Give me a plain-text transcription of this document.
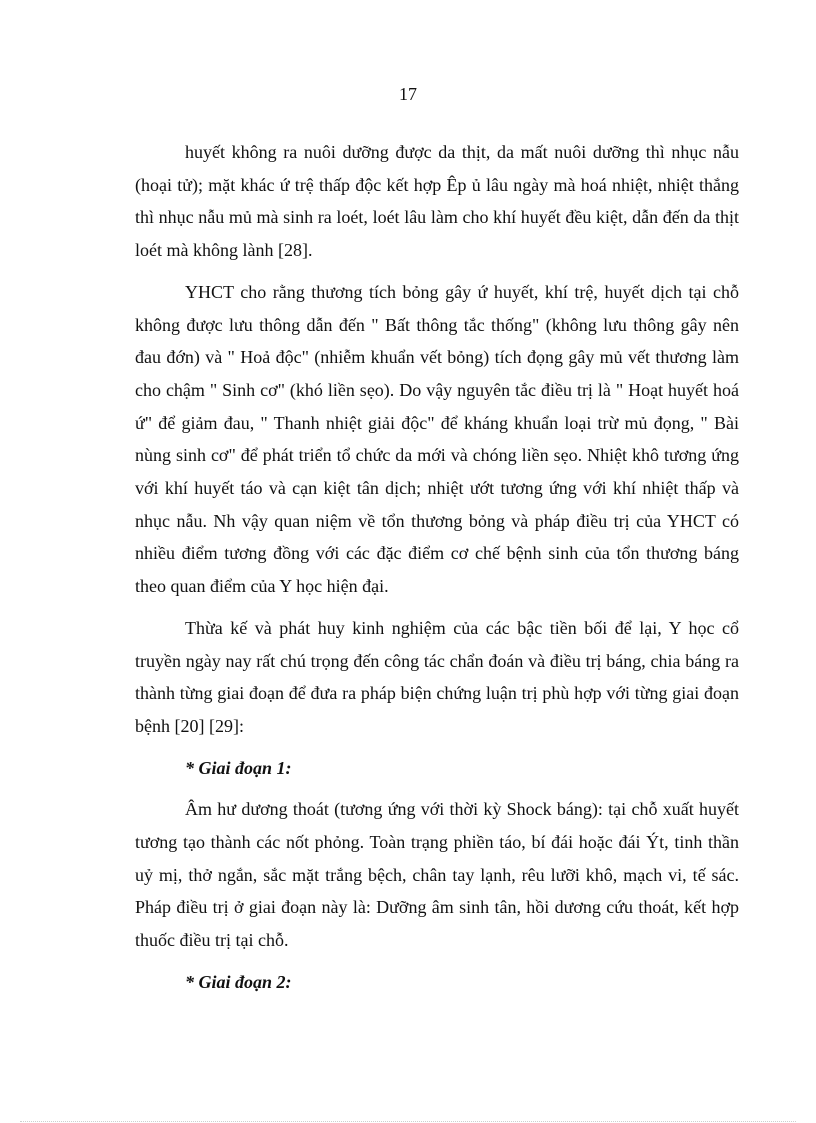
17

huyết không ra nuôi dưỡng được da thịt, da mất nuôi dưỡng thì nhục nẫu (hoại tử); mặt khác ứ trệ thấp độc kết hợp Êp ủ lâu ngày mà hoá nhiệt, nhiệt thắng thì nhục nẫu mủ mà sinh ra loét, loét lâu làm cho khí huyết đều kiệt, dẫn đến da thịt loét mà không lành [28].

YHCT cho rằng thương tích bỏng gây ứ huyết, khí trệ, huyết dịch tại chỗ không được lưu thông dẫn đến " Bất thông tắc thống" (không lưu thông gây nên đau đớn) và " Hoả độc" (nhiễm khuẩn vết bỏng) tích đọng gây mủ vết thương làm cho chậm " Sinh cơ" (khó liền sẹo). Do vậy nguyên tắc điều trị là " Hoạt huyết hoá ứ" để giảm đau, " Thanh nhiệt giải độc" để kháng khuẩn loại trừ mủ đọng, " Bài nùng sinh cơ" để phát triển tổ chức da mới và chóng liền sẹo. Nhiệt khô tương ứng với khí huyết táo và cạn kiệt tân dịch; nhiệt ướt tương ứng với khí nhiệt thấp và nhục nẫu. Nh vậy quan niệm về tổn thương bỏng và pháp điều trị của YHCT có nhiều điểm tương đồng với các đặc điểm cơ chế bệnh sinh của tổn thương báng theo quan điểm của Y học hiện đại.

Thừa kế và phát huy kinh nghiệm của các bậc tiền bối để lại, Y học cổ truyền ngày nay rất chú trọng đến công tác chẩn đoán và điều trị báng, chia báng ra thành từng giai đoạn để đưa ra pháp biện chứng luận trị phù hợp với từng giai đoạn bệnh [20] [29]:

* Giai đoạn 1:

Âm hư dương thoát (tương ứng với thời kỳ Shock báng): tại chỗ xuất huyết tương tạo thành các nốt phỏng. Toàn trạng phiền táo, bí đái hoặc đái Ýt, tinh thần uỷ mị, thở ngắn, sắc mặt trắng bệch, chân tay lạnh, rêu lưỡi khô, mạch vi, tế sác. Pháp điều trị ở giai đoạn này là: Dưỡng âm sinh tân, hồi dương cứu thoát, kết hợp thuốc điều trị tại chỗ.

* Giai đoạn 2:
